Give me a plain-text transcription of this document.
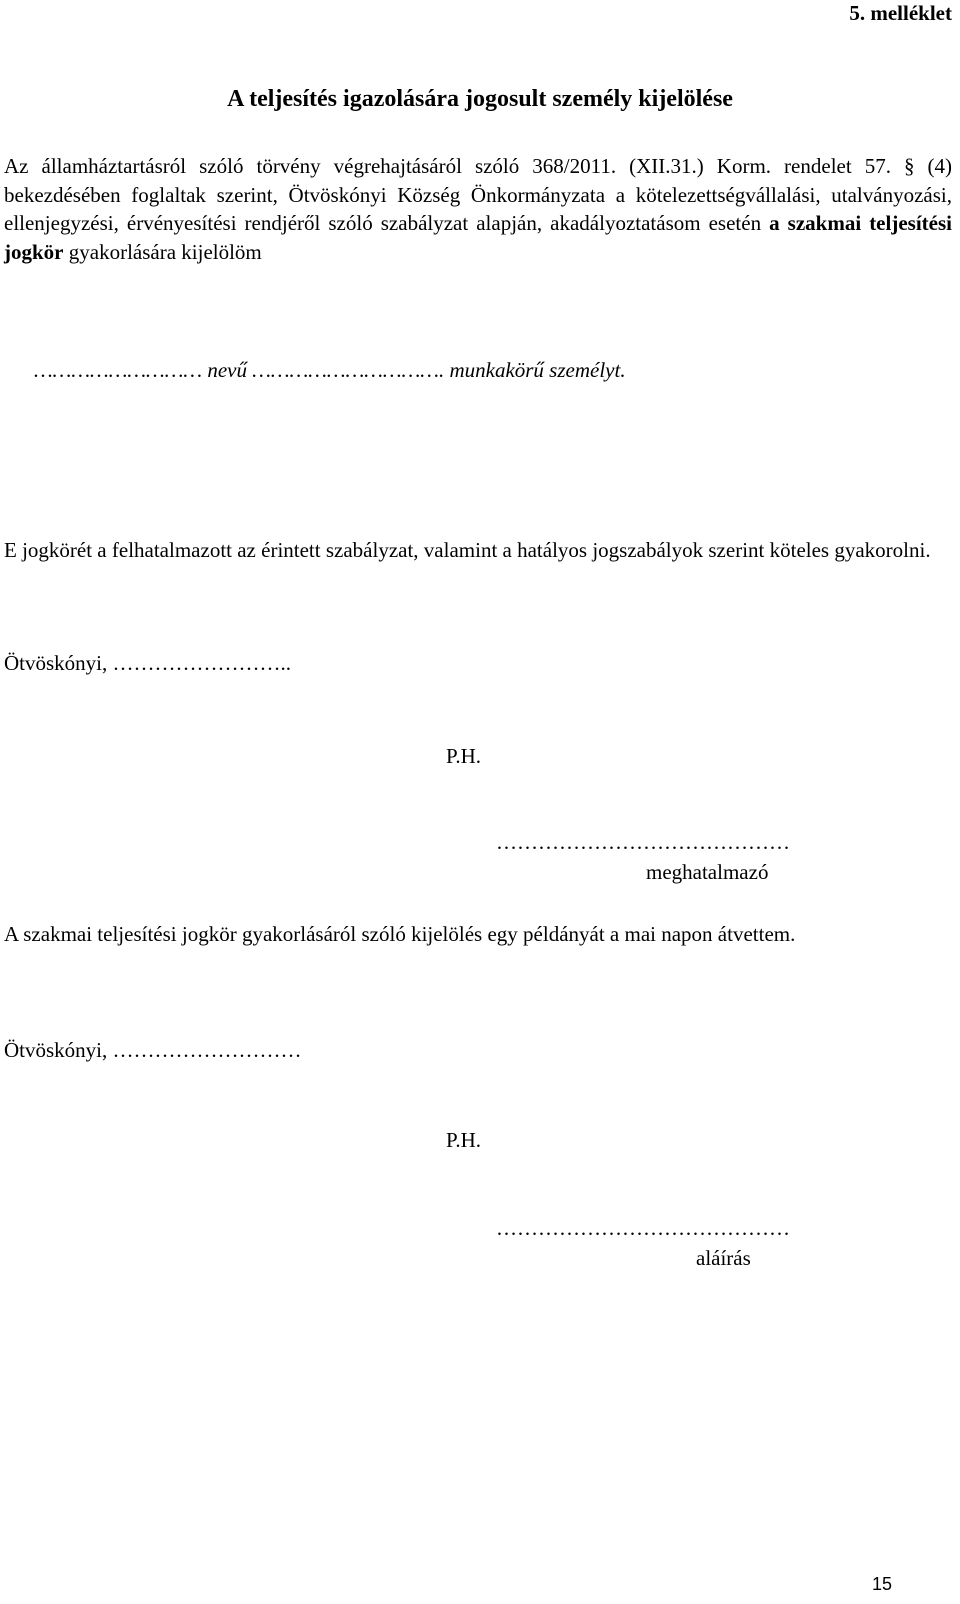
5. melléklet
A teljesítés igazolására jogosult személy kijelölése

Az államháztartásról szóló törvény végrehajtásáról szóló 368/2011. (XII.31.) Korm. rendelet 57. § (4) bekezdésében foglaltak szerint, Ötvöskónyi Község Önkormányzata a kötelezettségvállalási, utalványozási, ellenjegyzési, érvényesítési rendjéről szóló szabályzat alapján, akadályoztatásom esetén a szakmai teljesítési jogkör gyakorlására kijelölöm

……………………… nevű …………………………. munkakörű személyt.

E jogkörét a felhatalmazott az érintett szabályzat, valamint a hatályos jogszabályok szerint köteles gyakorolni.

Ötvöskónyi, ……………………..
P.H.
……………………………………
meghatalmazó

A szakmai teljesítési jogkör gyakorlásáról szóló kijelölés egy példányát a mai napon átvettem.

Ötvöskónyi, ………………………
P.H.
……………………………………
aláírás
15
